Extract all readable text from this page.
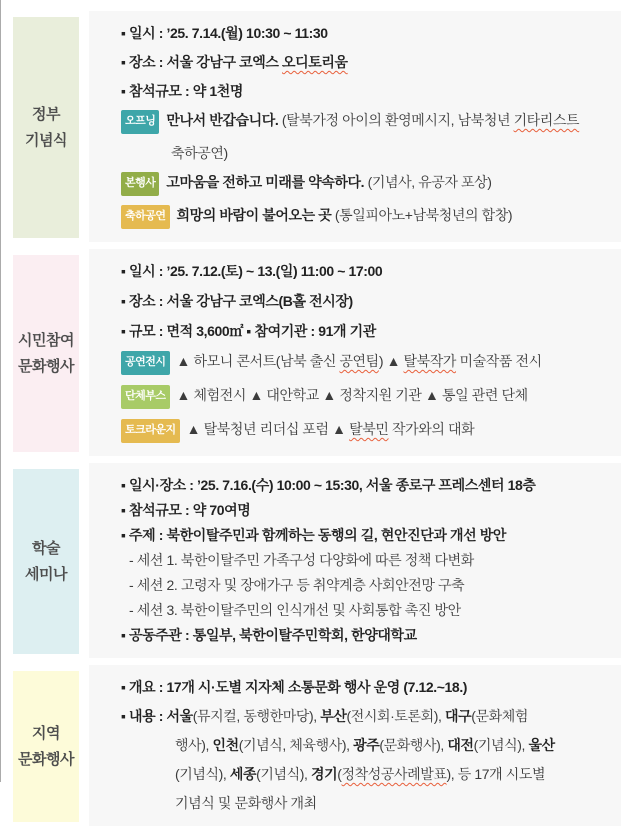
정부
기념식
▪ 일시 : ’25. 7.14.(월) 10:30 ~ 11:30
▪ 장소 : 서울 강남구 코엑스 오디토리움
▪ 참석규모 : 약 1천명
오프닝 만나서 반갑습니다. (탈북가정 아이의 환영메시지, 남북청년 기타리스트
축하공연)
본행사 고마움을 전하고 미래를 약속하다. (기념사, 유공자 포상)
축하공연 희망의 바람이 불어오는 곳 (통일피아노+남북청년의 합창)
시민참여
문화행사
▪ 일시 : ’25. 7.12.(토) ~ 13.(일) 11:00 ~ 17:00
▪ 장소 : 서울 강남구 코엑스(B홀 전시장)
▪ 규모 : 면적 3,600㎡ ▪ 참여기관 : 91개 기관
공연전시 ▲ 하모니 콘서트(남북 출신 공연팀) ▲ 탈북작가 미술작품 전시
단체부스 ▲ 체험전시 ▲ 대안학교 ▲ 정착지원 기관 ▲ 통일 관련 단체
토크라운지 ▲ 탈북청년 리더십 포럼 ▲ 탈북민 작가와의 대화
학술
세미나
▪ 일시·장소 : ’25. 7.16.(수) 10:00 ~ 15:30, 서울 종로구 프레스센터 18층
▪ 참석규모 : 약 70여명
▪ 주제 : 북한이탈주민과 함께하는 동행의 길, 현안진단과 개선 방안
- 세션 1. 북한이탈주민 가족구성 다양화에 따른 정책 다변화
- 세션 2. 고령자 및 장애가구 등 취약계층 사회안전망 구축
- 세션 3. 북한이탈주민의 인식개선 및 사회통합 촉진 방안
▪ 공동주관 : 통일부, 북한이탈주민학회, 한양대학교
지역
문화행사
▪ 개요 : 17개 시·도별 지자체 소통문화 행사 운영 (7.12.~18.)
▪ 내용 : 서울(뮤지컬, 동행한마당), 부산(전시회·토론회), 대구(문화체험
행사), 인천(기념식, 체육행사), 광주(문화행사), 대전(기념식), 울산
(기념식), 세종(기념식), 경기(정착성공사례발표), 등 17개 시도별
기념식 및 문화행사 개최
